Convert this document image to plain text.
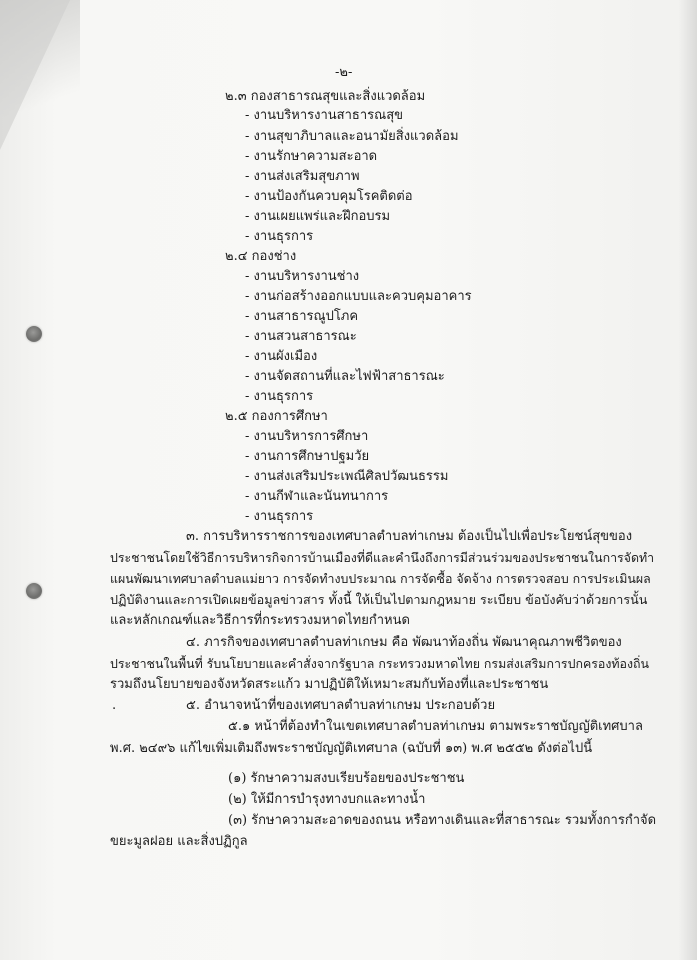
-๒-
๒.๓ กองสาธารณสุขและสิ่งแวดล้อม
- งานบริหารงานสาธารณสุข
- งานสุขาภิบาลและอนามัยสิ่งแวดล้อม
- งานรักษาความสะอาด
- งานส่งเสริมสุขภาพ
- งานป้องกันควบคุมโรคติดต่อ
- งานเผยแพร่และฝึกอบรม
- งานธุรการ
๒.๔ กองช่าง
- งานบริหารงานช่าง
- งานก่อสร้างออกแบบและควบคุมอาคาร
- งานสาธารณูปโภค
- งานสวนสาธารณะ
- งานผังเมือง
- งานจัดสถานที่และไฟฟ้าสาธารณะ
- งานธุรการ
๒.๕ กองการศึกษา
- งานบริหารการศึกษา
- งานการศึกษาปฐมวัย
- งานส่งเสริมประเพณีศิลปวัฒนธรรม
- งานกีฬาและนันทนาการ
- งานธุรการ
๓. การบริหารราชการของเทศบาลตำบลท่าเกษม ต้องเป็นไปเพื่อประโยชน์สุขของ
ประชาชนโดยใช้วิธีการบริหารกิจการบ้านเมืองที่ดีและคำนึงถึงการมีส่วนร่วมของประชาชนในการจัดทำ
แผนพัฒนาเทศบาลตำบลแม่ยาว การจัดทำงบประมาณ การจัดซื้อ จัดจ้าง การตรวจสอบ การประเมินผล
ปฏิบัติงานและการเปิดเผยข้อมูลข่าวสาร ทั้งนี้ ให้เป็นไปตามกฎหมาย ระเบียบ ข้อบังคับว่าด้วยการนั้น
และหลักเกณฑ์และวิธีการที่กระทรวงมหาดไทยกำหนด
๔. ภารกิจของเทศบาลตำบลท่าเกษม คือ พัฒนาท้องถิ่น พัฒนาคุณภาพชีวิตของ
ประชาชนในพื้นที่ รับนโยบายและคำสั่งจากรัฐบาล กระทรวงมหาดไทย กรมส่งเสริมการปกครองท้องถิ่น
รวมถึงนโยบายของจังหวัดสระแก้ว มาปฏิบัติให้เหมาะสมกับท้องที่และประชาชน
.	๕. อำนาจหน้าที่ของเทศบาลตำบลท่าเกษม ประกอบด้วย
๕.๑ หน้าที่ต้องทำในเขตเทศบาลตำบลท่าเกษม ตามพระราชบัญญัติเทศบาล
พ.ศ. ๒๔๙๖ แก้ไขเพิ่มเติมถึงพระราชบัญญัติเทศบาล (ฉบับที่ ๑๓) พ.ศ ๒๕๕๒ ดังต่อไปนี้
(๑) รักษาความสงบเรียบร้อยของประชาชน
(๒) ให้มีการบำรุงทางบกและทางน้ำ
(๓) รักษาความสะอาดของถนน หรือทางเดินและที่สาธารณะ รวมทั้งการกำจัด
ขยะมูลฝอย และสิ่งปฏิกูล
